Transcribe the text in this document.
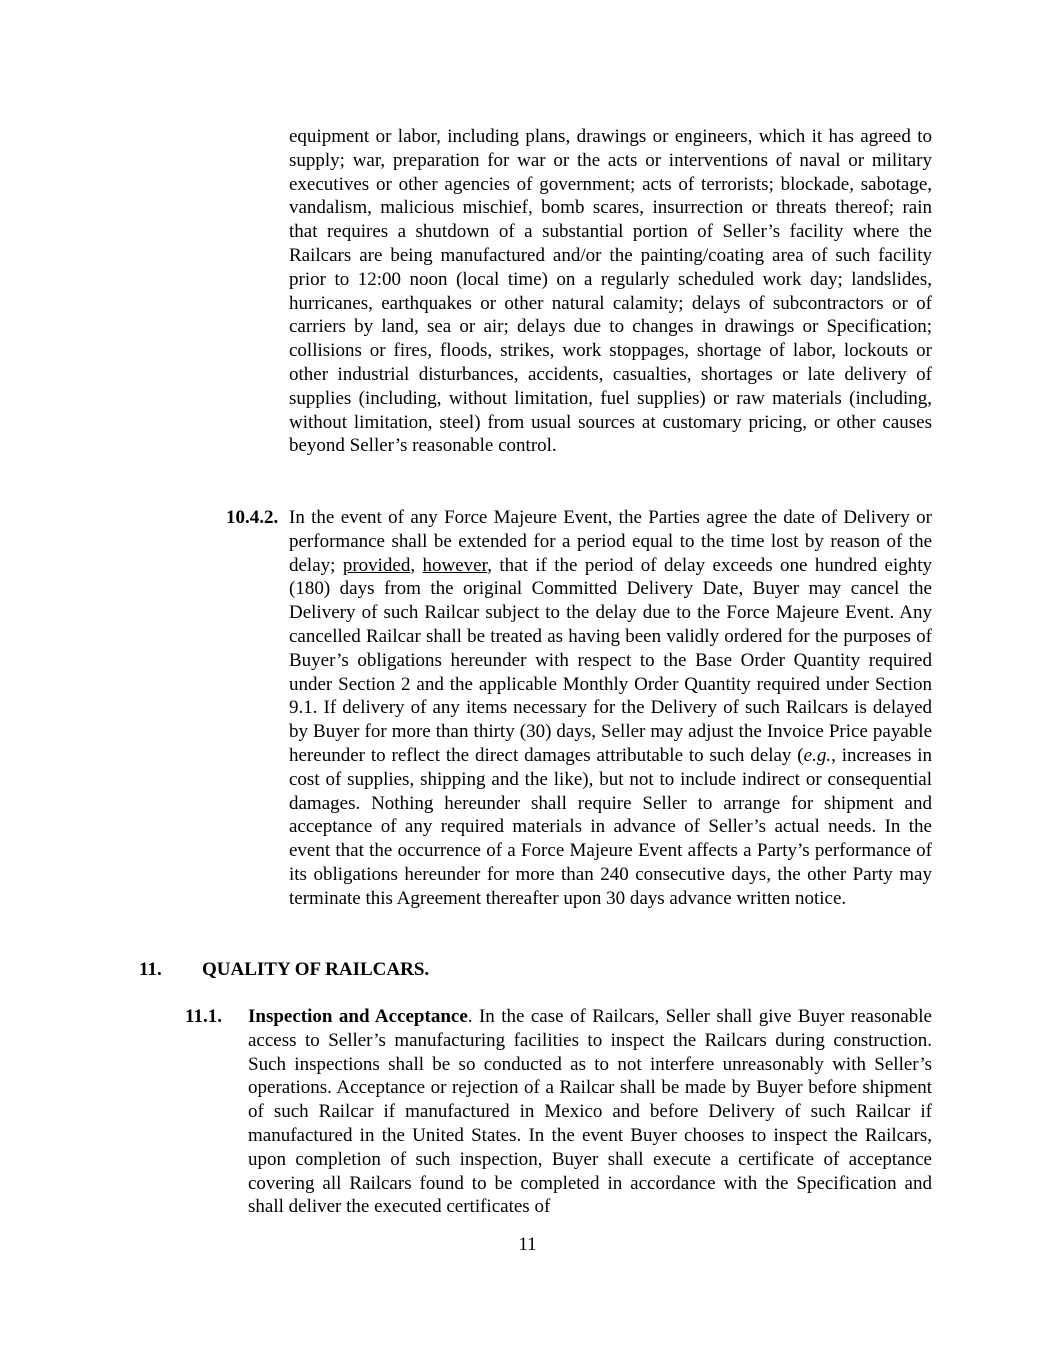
equipment or labor, including plans, drawings or engineers, which it has agreed to supply; war, preparation for war or the acts or interventions of naval or military executives or other agencies of government; acts of terrorists; blockade, sabotage, vandalism, malicious mischief, bomb scares, insurrection or threats thereof; rain that requires a shutdown of a substantial portion of Seller’s facility where the Railcars are being manufactured and/or the painting/coating area of such facility prior to 12:00 noon (local time) on a regularly scheduled work day; landslides, hurricanes, earthquakes or other natural calamity; delays of subcontractors or of carriers by land, sea or air; delays due to changes in drawings or Specification; collisions or fires, floods, strikes, work stoppages, shortage of labor, lockouts or other industrial disturbances, accidents, casualties, shortages or late delivery of supplies (including, without limitation, fuel supplies) or raw materials (including, without limitation, steel) from usual sources at customary pricing, or other causes beyond Seller’s reasonable control.
10.4.2. In the event of any Force Majeure Event, the Parties agree the date of Delivery or performance shall be extended for a period equal to the time lost by reason of the delay; provided, however, that if the period of delay exceeds one hundred eighty (180) days from the original Committed Delivery Date, Buyer may cancel the Delivery of such Railcar subject to the delay due to the Force Majeure Event. Any cancelled Railcar shall be treated as having been validly ordered for the purposes of Buyer’s obligations hereunder with respect to the Base Order Quantity required under Section 2 and the applicable Monthly Order Quantity required under Section 9.1. If delivery of any items necessary for the Delivery of such Railcars is delayed by Buyer for more than thirty (30) days, Seller may adjust the Invoice Price payable hereunder to reflect the direct damages attributable to such delay (e.g., increases in cost of supplies, shipping and the like), but not to include indirect or consequential damages. Nothing hereunder shall require Seller to arrange for shipment and acceptance of any required materials in advance of Seller’s actual needs. In the event that the occurrence of a Force Majeure Event affects a Party’s performance of its obligations hereunder for more than 240 consecutive days, the other Party may terminate this Agreement thereafter upon 30 days advance written notice.
11. QUALITY OF RAILCARS.
11.1. Inspection and Acceptance. In the case of Railcars, Seller shall give Buyer reasonable access to Seller’s manufacturing facilities to inspect the Railcars during construction. Such inspections shall be so conducted as to not interfere unreasonably with Seller’s operations. Acceptance or rejection of a Railcar shall be made by Buyer before shipment of such Railcar if manufactured in Mexico and before Delivery of such Railcar if manufactured in the United States. In the event Buyer chooses to inspect the Railcars, upon completion of such inspection, Buyer shall execute a certificate of acceptance covering all Railcars found to be completed in accordance with the Specification and shall deliver the executed certificates of
11
